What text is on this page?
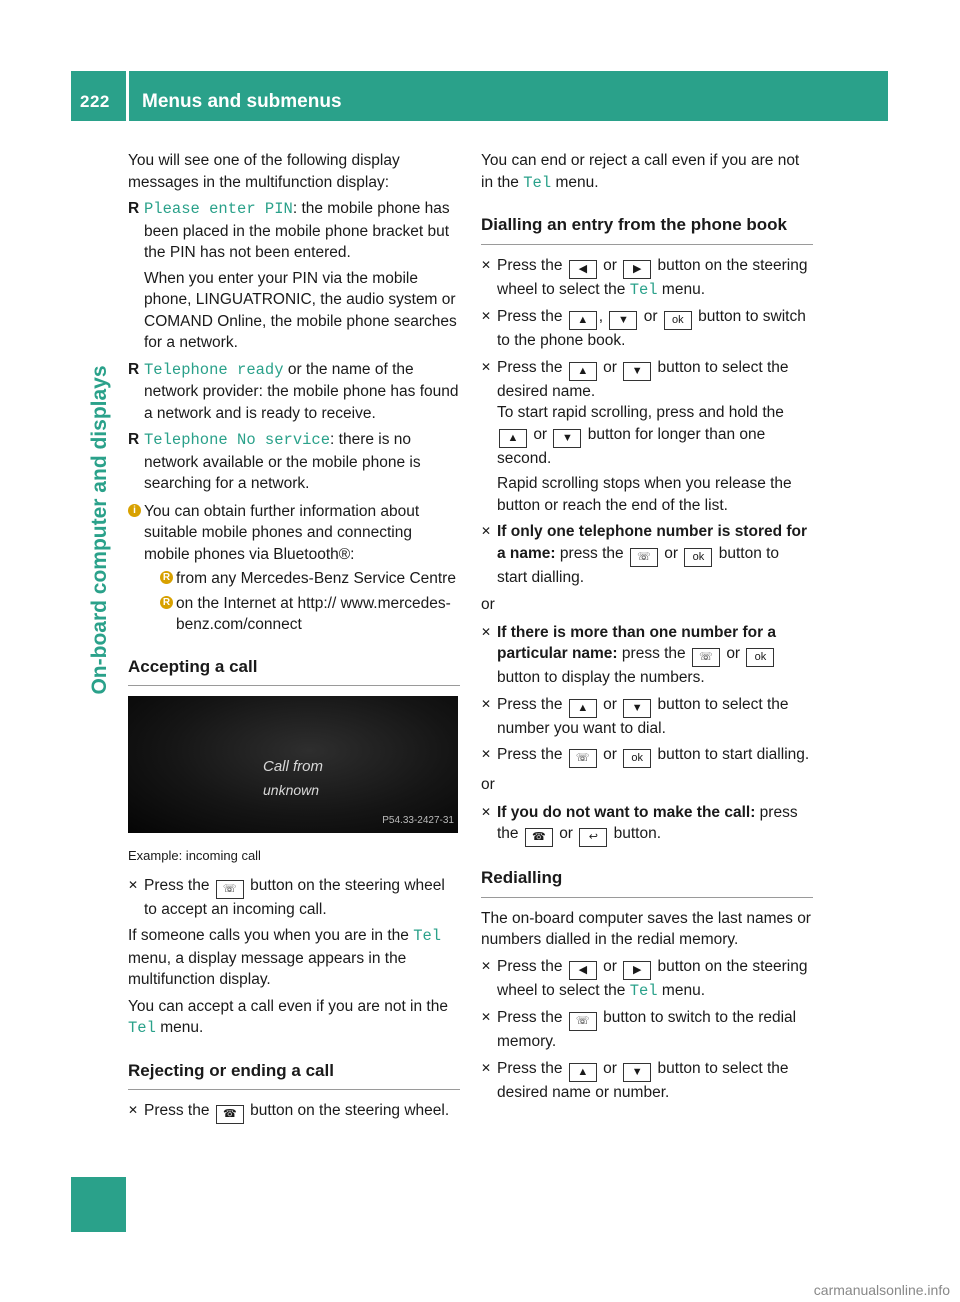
222 Menus and submenus
On-board computer and displays

You will see one of the following display messages in the multifunction display:

R Please enter PIN: the mobile phone has been placed in the mobile phone bracket but the PIN has not been entered.
When you enter your PIN via the mobile phone, LINGUATRONIC, the audio system or COMAND Online, the mobile phone searches for a network.
R Telephone ready or the name of the network provider: the mobile phone has found a network and is ready to receive.
R Telephone No service: there is no network available or the mobile phone is searching for a network.
i You can obtain further information about suitable mobile phones and connecting mobile phones via Bluetooth®:
R from any Mercedes-Benz Service Centre
R on the Internet at http:// www.mercedes-benz.com/connect
Accepting a call
Call from
unknown
P54.33-2427-31
Example: incoming call
✕ Press the ☏ button on the steering wheel to accept an incoming call.

If someone calls you when you are in the Tel menu, a display message appears in the multifunction display.

You can accept a call even if you are not in the Tel menu.

Rejecting or ending a call
✕ Press the ☎ button on the steering wheel.

You can end or reject a call even if you are not in the Tel menu.

Dialling an entry from the phone book
✕ Press the ◀ or ▶ button on the steering wheel to select the Tel menu.
✕ Press the ▲ , ▼ or ok button to switch to the phone book.
✕ Press the ▲ or ▼ button to select the desired name.
To start rapid scrolling, press and hold the ▲ or ▼ button for longer than one second.
Rapid scrolling stops when you release the button or reach the end of the list.
✕ If only one telephone number is stored for a name: press the ☏ or ok button to start dialling.
or
✕ If there is more than one number for a particular name: press the ☏ or ok button to display the numbers.
✕ Press the ▲ or ▼ button to select the number you want to dial.
✕ Press the ☏ or ok button to start dialling.
or
✕ If you do not want to make the call: press the ☎ or ↩ button.
Redialling

The on-board computer saves the last names or numbers dialled in the redial memory.

✕ Press the ◀ or ▶ button on the steering wheel to select the Tel menu.
✕ Press the ☏ button to switch to the redial memory.
✕ Press the ▲ or ▼ button to select the desired name or number.
carmanualsonline.info
